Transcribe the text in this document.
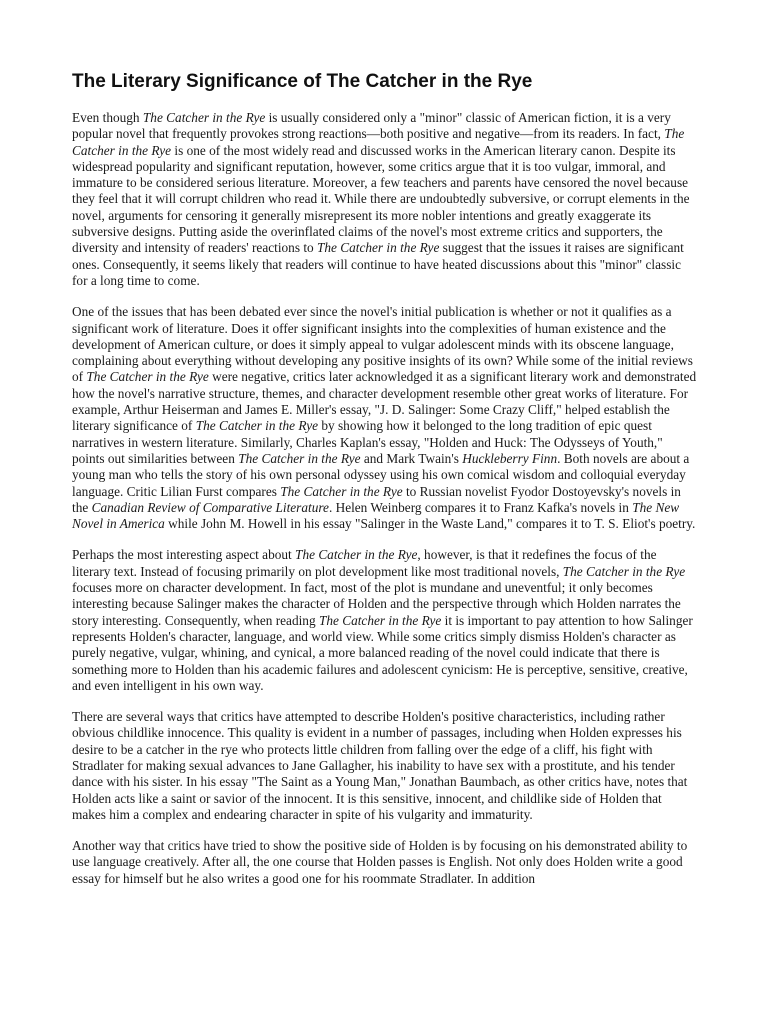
The Literary Significance of The Catcher in the Rye

Even though The Catcher in the Rye is usually considered only a "minor" classic of American fiction, it is a very popular novel that frequently provokes strong reactions—both positive and negative—from its readers. In fact, The Catcher in the Rye is one of the most widely read and discussed works in the American literary canon. Despite its widespread popularity and significant reputation, however, some critics argue that it is too vulgar, immoral, and immature to be considered serious literature. Moreover, a few teachers and parents have censored the novel because they feel that it will corrupt children who read it. While there are undoubtedly subversive, or corrupt elements in the novel, arguments for censoring it generally misrepresent its more nobler intentions and greatly exaggerate its subversive designs. Putting aside the overinflated claims of the novel's most extreme critics and supporters, the diversity and intensity of readers' reactions to The Catcher in the Rye suggest that the issues it raises are significant ones. Consequently, it seems likely that readers will continue to have heated discussions about this "minor" classic for a long time to come.

One of the issues that has been debated ever since the novel's initial publication is whether or not it qualifies as a significant work of literature. Does it offer significant insights into the complexities of human existence and the development of American culture, or does it simply appeal to vulgar adolescent minds with its obscene language, complaining about everything without developing any positive insights of its own? While some of the initial reviews of The Catcher in the Rye were negative, critics later acknowledged it as a significant literary work and demonstrated how the novel's narrative structure, themes, and character development resemble other great works of literature. For example, Arthur Heiserman and James E. Miller's essay, "J. D. Salinger: Some Crazy Cliff," helped establish the literary significance of The Catcher in the Rye by showing how it belonged to the long tradition of epic quest narratives in western literature. Similarly, Charles Kaplan's essay, "Holden and Huck: The Odysseys of Youth," points out similarities between The Catcher in the Rye and Mark Twain's Huckleberry Finn. Both novels are about a young man who tells the story of his own personal odyssey using his own comical wisdom and colloquial everyday language. Critic Lilian Furst compares The Catcher in the Rye to Russian novelist Fyodor Dostoyevsky's novels in the Canadian Review of Comparative Literature. Helen Weinberg compares it to Franz Kafka's novels in The New Novel in America while John M. Howell in his essay "Salinger in the Waste Land," compares it to T. S. Eliot's poetry.

Perhaps the most interesting aspect about The Catcher in the Rye, however, is that it redefines the focus of the literary text. Instead of focusing primarily on plot development like most traditional novels, The Catcher in the Rye focuses more on character development. In fact, most of the plot is mundane and uneventful; it only becomes interesting because Salinger makes the character of Holden and the perspective through which Holden narrates the story interesting. Consequently, when reading The Catcher in the Rye it is important to pay attention to how Salinger represents Holden's character, language, and world view. While some critics simply dismiss Holden's character as purely negative, vulgar, whining, and cynical, a more balanced reading of the novel could indicate that there is something more to Holden than his academic failures and adolescent cynicism: He is perceptive, sensitive, creative, and even intelligent in his own way.

There are several ways that critics have attempted to describe Holden's positive characteristics, including rather obvious childlike innocence. This quality is evident in a number of passages, including when Holden expresses his desire to be a catcher in the rye who protects little children from falling over the edge of a cliff, his fight with Stradlater for making sexual advances to Jane Gallagher, his inability to have sex with a prostitute, and his tender dance with his sister. In his essay "The Saint as a Young Man," Jonathan Baumbach, as other critics have, notes that Holden acts like a saint or savior of the innocent. It is this sensitive, innocent, and childlike side of Holden that makes him a complex and endearing character in spite of his vulgarity and immaturity.

Another way that critics have tried to show the positive side of Holden is by focusing on his demonstrated ability to use language creatively. After all, the one course that Holden passes is English. Not only does Holden write a good essay for himself but he also writes a good one for his roommate Stradlater. In addition
